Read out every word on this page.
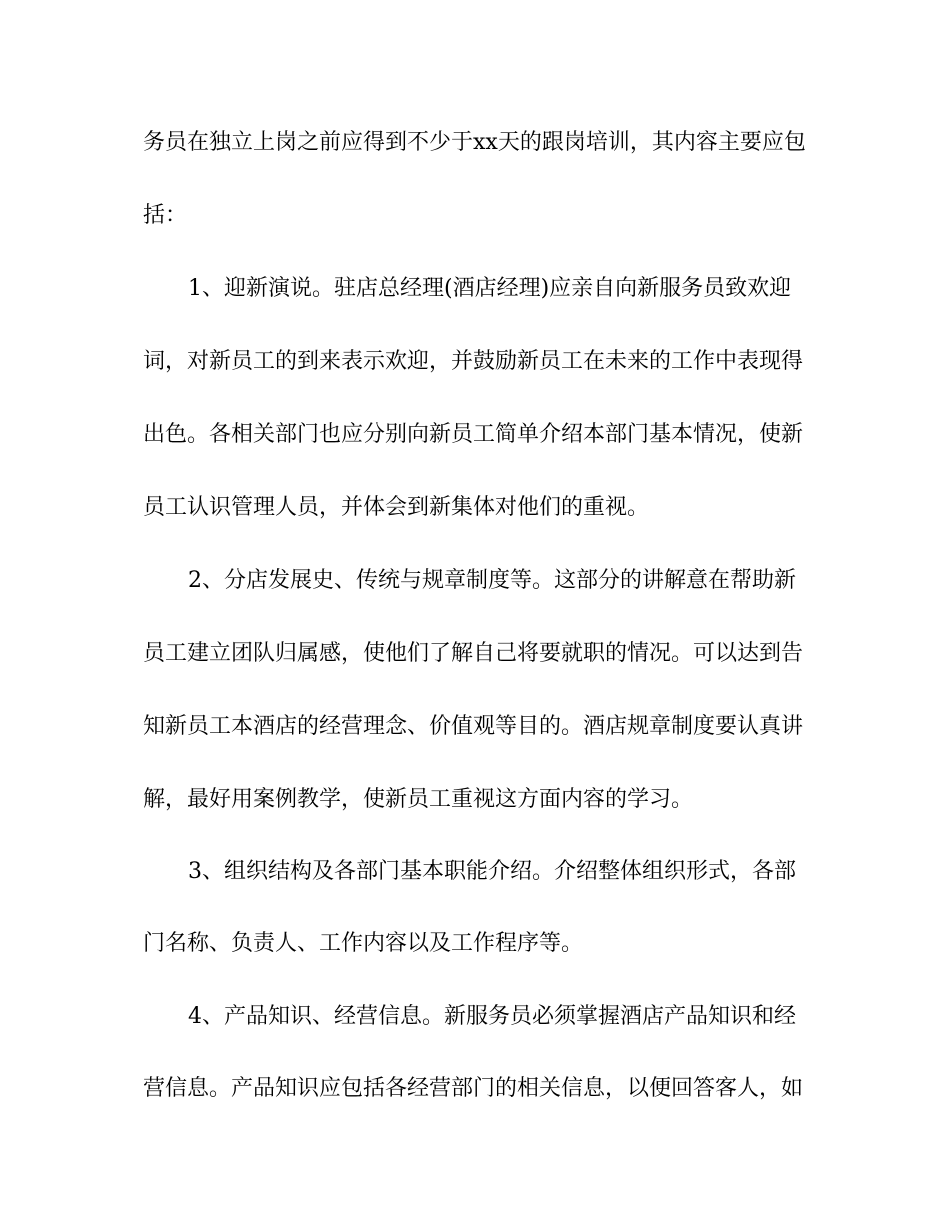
务员在独立上岗之前应得到不少于xx天的跟岗培训，其内容主要应包
括：
1、迎新演说。驻店总经理(酒店经理)应亲自向新服务员致欢迎
词，对新员工的到来表示欢迎，并鼓励新员工在未来的工作中表现得
出色。各相关部门也应分别向新员工简单介绍本部门基本情况，使新
员工认识管理人员，并体会到新集体对他们的重视。
2、分店发展史、传统与规章制度等。这部分的讲解意在帮助新
员工建立团队归属感，使他们了解自己将要就职的情况。可以达到告
知新员工本酒店的经营理念、价值观等目的。酒店规章制度要认真讲
解，最好用案例教学，使新员工重视这方面内容的学习。
3、组织结构及各部门基本职能介绍。介绍整体组织形式，各部
门名称、负责人、工作内容以及工作程序等。
4、产品知识、经营信息。新服务员必须掌握酒店产品知识和经
营信息。产品知识应包括各经营部门的相关信息，以便回答客人，如
